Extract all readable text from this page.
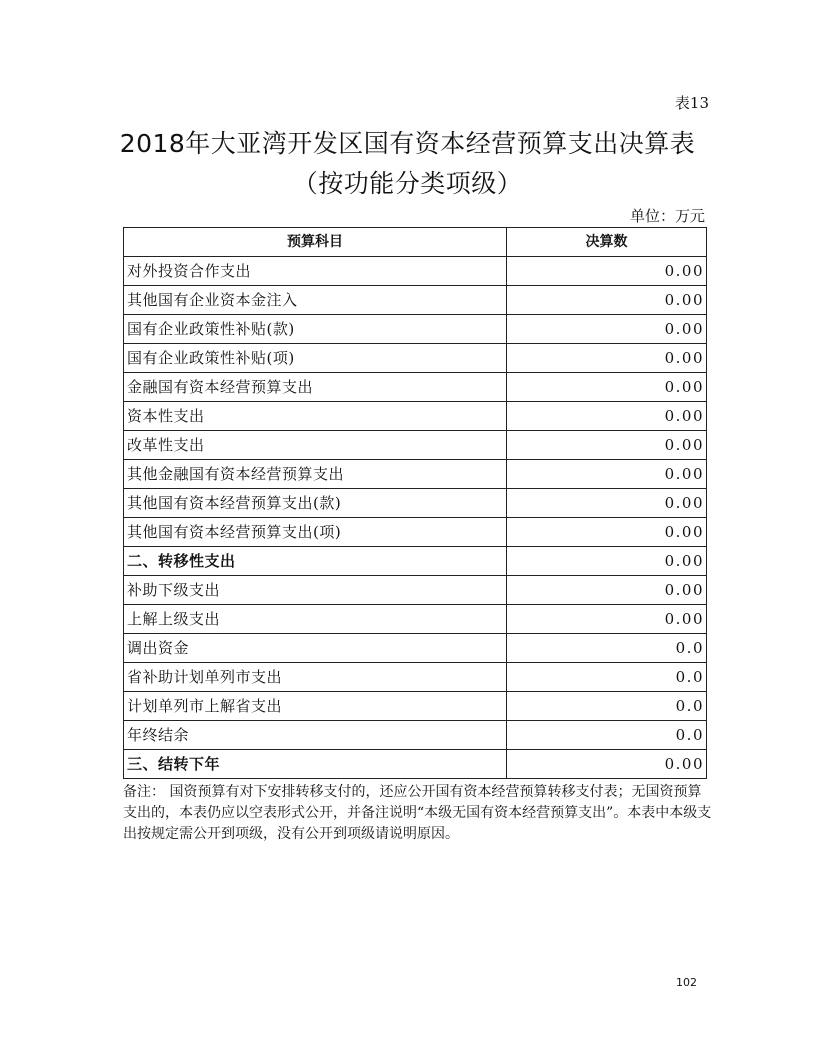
表13
2018年大亚湾开发区国有资本经营预算支出决算表
（按功能分类项级）
单位：万元
预算科目	决算数
对外投资合作支出	0.00
其他国有企业资本金注入	0.00
国有企业政策性补贴(款)	0.00
国有企业政策性补贴(项)	0.00
金融国有资本经营预算支出	0.00
资本性支出	0.00
改革性支出	0.00
其他金融国有资本经营预算支出	0.00
其他国有资本经营预算支出(款)	0.00
其他国有资本经营预算支出(项)	0.00
二、转移性支出	0.00
补助下级支出	0.00
上解上级支出	0.00
调出资金	0.0
省补助计划单列市支出	0.0
计划单列市上解省支出	0.0
年终结余	0.0
三、结转下年	0.00
备注： 国资预算有对下安排转移支付的，还应公开国有资本经营预算转移支付表；无国资预算支出的，本表仍应以空表形式公开，并备注说明“本级无国有资本经营预算支出”。本表中本级支出按规定需公开到项级，没有公开到项级请说明原因。
102
